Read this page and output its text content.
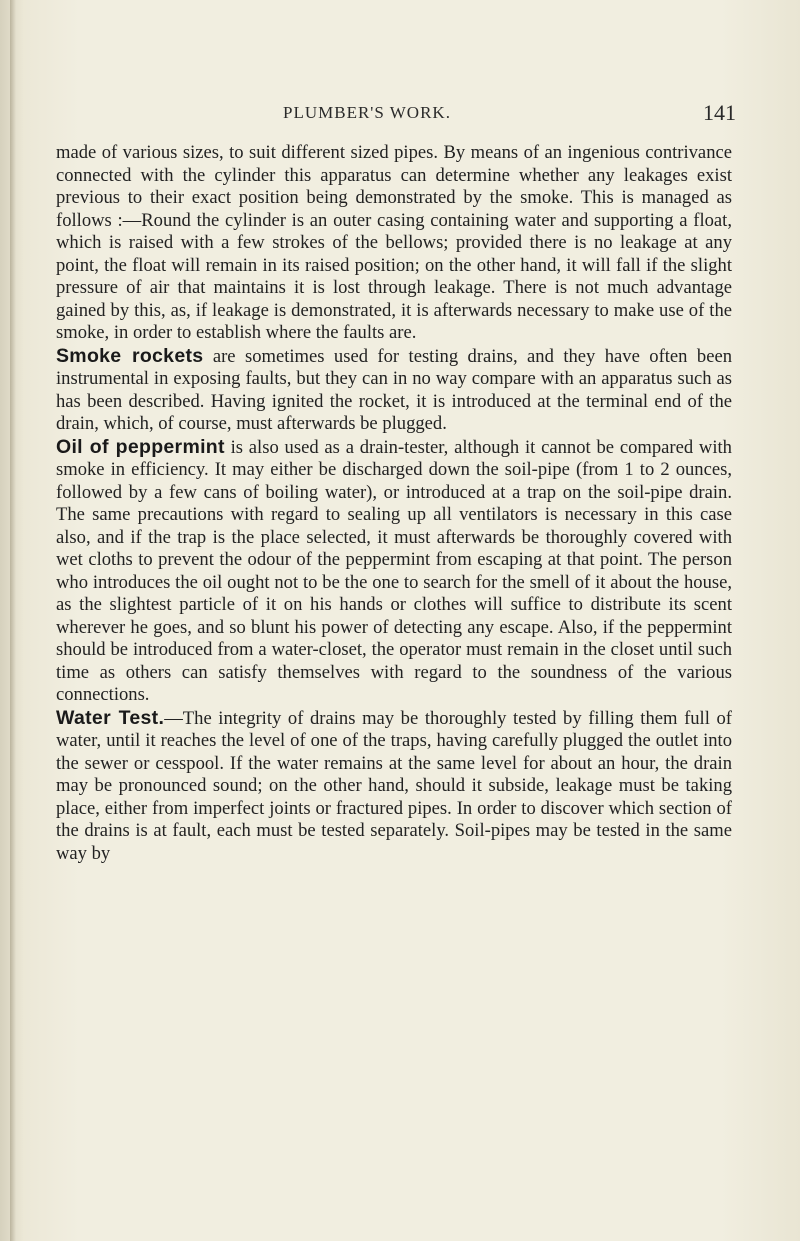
PLUMBER'S WORK.	141

made of various sizes, to suit different sized pipes. By means of an ingenious contrivance connected with the cylinder this apparatus can determine whether any leakages exist previous to their exact position being demonstrated by the smoke. This is managed as follows :—Round the cylinder is an outer casing containing water and supporting a float, which is raised with a few strokes of the bellows; provided there is no leakage at any point, the float will remain in its raised position; on the other hand, it will fall if the slight pressure of air that maintains it is lost through leakage. There is not much advantage gained by this, as, if leakage is demonstrated, it is afterwards necessary to make use of the smoke, in order to establish where the faults are.

Smoke rockets are sometimes used for testing drains, and they have often been instrumental in exposing faults, but they can in no way compare with an apparatus such as has been described. Having ignited the rocket, it is introduced at the terminal end of the drain, which, of course, must afterwards be plugged.

Oil of peppermint is also used as a drain-tester, although it cannot be compared with smoke in efficiency. It may either be discharged down the soil-pipe (from 1 to 2 ounces, followed by a few cans of boiling water), or introduced at a trap on the soil-pipe drain. The same precautions with regard to sealing up all ventilators is necessary in this case also, and if the trap is the place selected, it must afterwards be thoroughly covered with wet cloths to prevent the odour of the peppermint from escaping at that point. The person who introduces the oil ought not to be the one to search for the smell of it about the house, as the slightest particle of it on his hands or clothes will suffice to distribute its scent wherever he goes, and so blunt his power of detecting any escape. Also, if the peppermint should be introduced from a water-closet, the operator must remain in the closet until such time as others can satisfy themselves with regard to the soundness of the various connections.

Water Test.—The integrity of drains may be thoroughly tested by filling them full of water, until it reaches the level of one of the traps, having carefully plugged the outlet into the sewer or cesspool. If the water remains at the same level for about an hour, the drain may be pronounced sound; on the other hand, should it subside, leakage must be taking place, either from imperfect joints or fractured pipes. In order to discover which section of the drains is at fault, each must be tested separately. Soil-pipes may be tested in the same way by
